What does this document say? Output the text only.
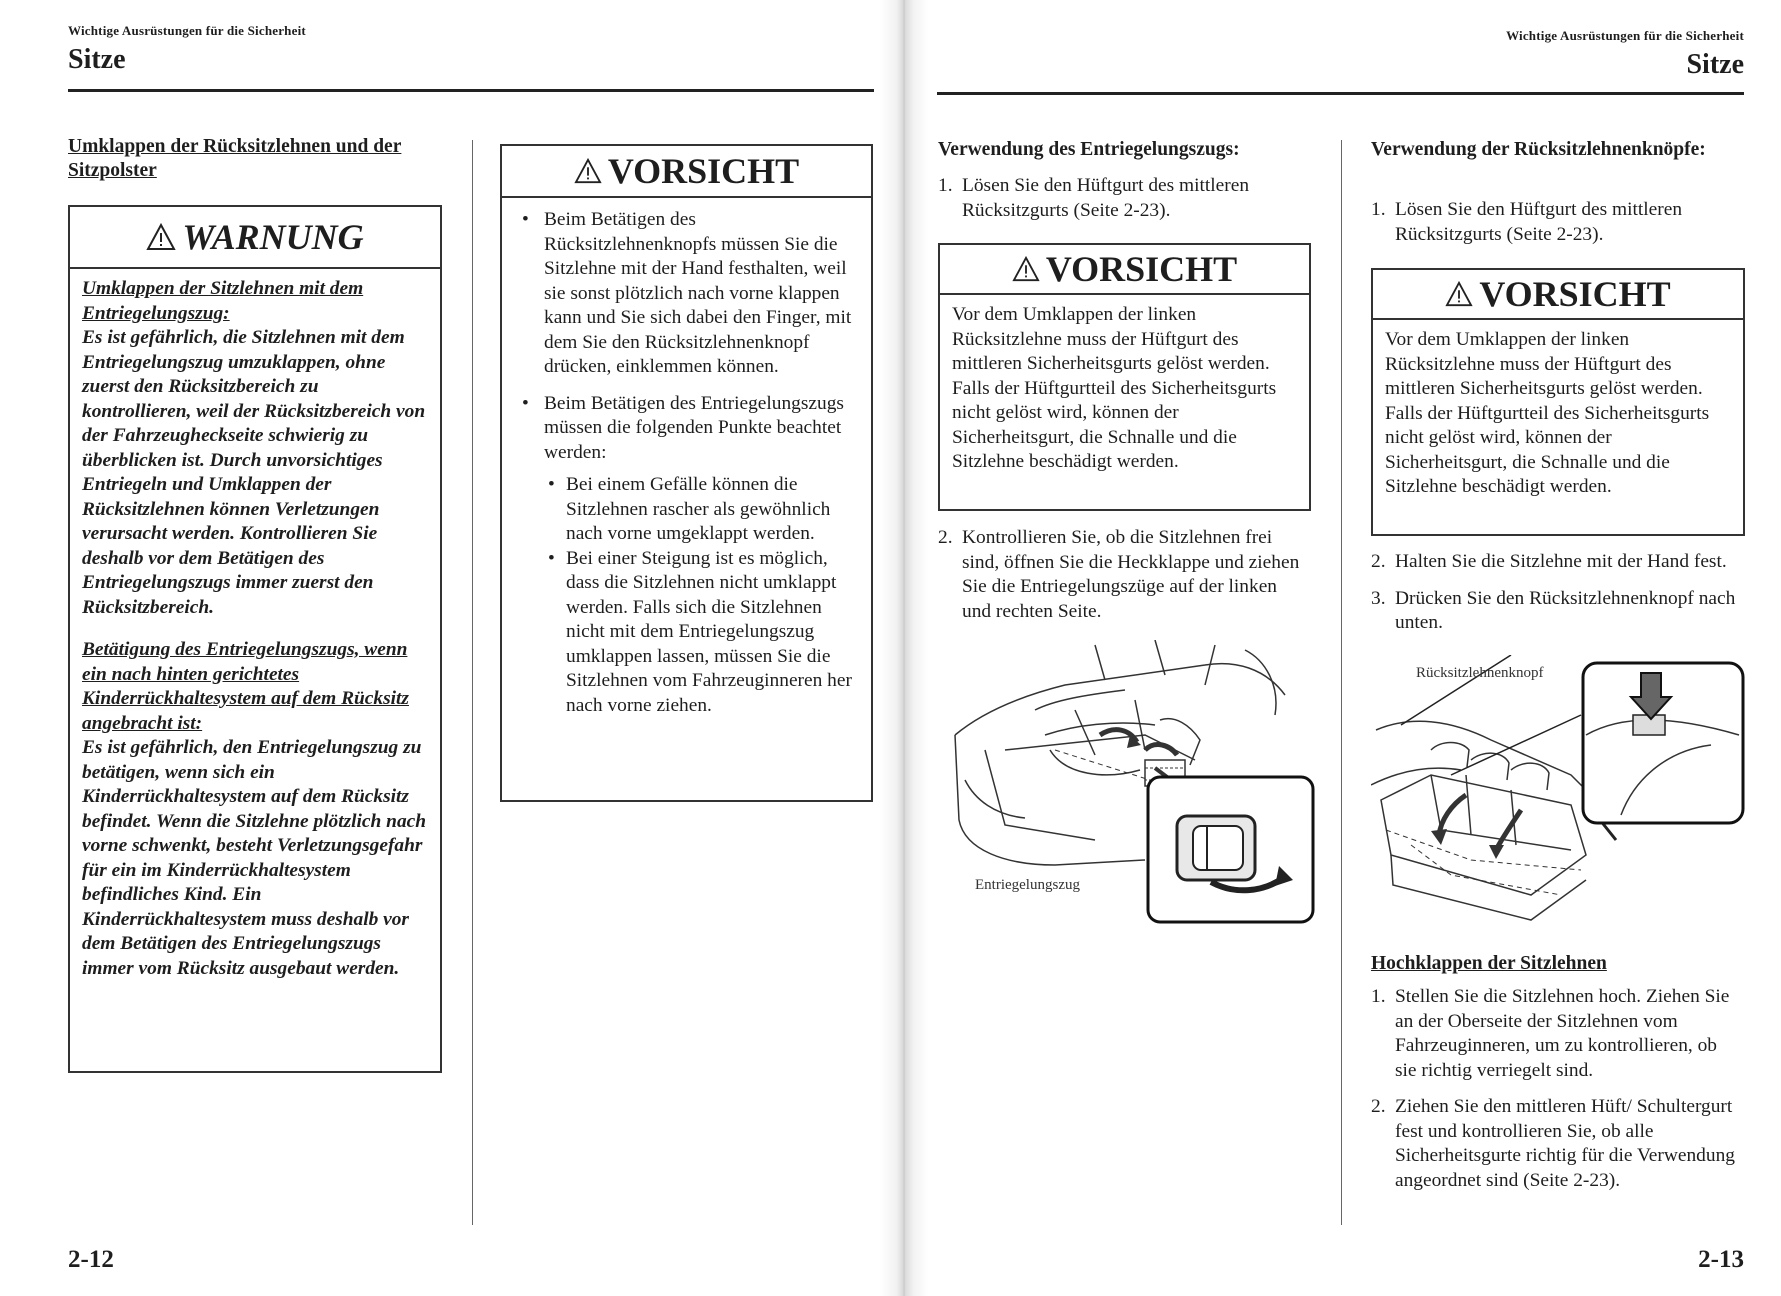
Wichtige Ausrüstungen für die Sicherheit
Sitze
2-12
Umklappen der Rücksitzlehnen und der Sitzpolster
WARNUNG

Umklappen der Sitzlehnen mit dem Entriegelungszug:
Es ist gefährlich, die Sitzlehnen mit dem Entriegelungszug umzuklappen, ohne zuerst den Rücksitzbereich zu kontrollieren, weil der Rücksitzbereich von der Fahrzeugheckseite schwierig zu überblicken ist. Durch unvorsichtiges Entriegeln und Umklappen der Rücksitzlehnen können Verletzungen verursacht werden. Kontrollieren Sie deshalb vor dem Betätigen des Entriegelungszugs immer zuerst den Rücksitzbereich.

Betätigung des Entriegelungszugs, wenn ein nach hinten gerichtetes Kinderrückhaltesystem auf dem Rücksitz angebracht ist:
Es ist gefährlich, den Entriegelungszug zu betätigen, wenn sich ein Kinderrückhaltesystem auf dem Rücksitz befindet. Wenn die Sitzlehne plötzlich nach vorne schwenkt, besteht Verletzungsgefahr für ein im Kinderrückhaltesystem befindliches Kind. Ein Kinderrückhaltesystem muss deshalb vor dem Betätigen des Entriegelungszugs immer vom Rücksitz ausgebaut werden.

VORSICHT
• Beim Betätigen des Rücksitzlehnenknopfs müssen Sie die Sitzlehne mit der Hand festhalten, weil sie sonst plötzlich nach vorne klappen kann und Sie sich dabei den Finger, mit dem Sie den Rücksitzlehnenknopf drücken, einklemmen können.
• Beim Betätigen des Entriegelungszugs müssen die folgenden Punkte beachtet werden:
• Bei einem Gefälle können die Sitzlehnen rascher als gewöhnlich nach vorne umgeklappt werden.
• Bei einer Steigung ist es möglich, dass die Sitzlehnen nicht umklappt werden. Falls sich die Sitzlehnen nicht mit dem Entriegelungszug umklappen lassen, müssen Sie die Sitzlehnen vom Fahrzeuginneren her nach vorne ziehen.
Wichtige Ausrüstungen für die Sicherheit
Sitze
2-13
Verwendung des Entriegelungszugs:
1. Lösen Sie den Hüftgurt des mittleren Rücksitzgurts (Seite 2-23).
VORSICHT
Vor dem Umklappen der linken Rücksitzlehne muss der Hüftgurt des mittleren Sicherheitsgurts gelöst werden. Falls der Hüftgurtteil des Sicherheitsgurts nicht gelöst wird, können der Sicherheitsgurt, die Schnalle und die Sitzlehne beschädigt werden.
2. Kontrollieren Sie, ob die Sitzlehnen frei sind, öffnen Sie die Heckklappe und ziehen Sie die Entriegelungszüge auf der linken und rechten Seite.
Entriegelungszug
Verwendung der Rücksitzlehnenknöpfe:
1. Lösen Sie den Hüftgurt des mittleren Rücksitzgurts (Seite 2-23).
VORSICHT
Vor dem Umklappen der linken Rücksitzlehne muss der Hüftgurt des mittleren Sicherheitsgurts gelöst werden. Falls der Hüftgurtteil des Sicherheitsgurts nicht gelöst wird, können der Sicherheitsgurt, die Schnalle und die Sitzlehne beschädigt werden.
2. Halten Sie die Sitzlehne mit der Hand fest.
3. Drücken Sie den Rücksitzlehnenknopf nach unten.
Rücksitzlehnenknopf
Hochklappen der Sitzlehnen
1. Stellen Sie die Sitzlehnen hoch. Ziehen Sie an der Oberseite der Sitzlehnen vom Fahrzeuginneren, um zu kontrollieren, ob sie richtig verriegelt sind.
2. Ziehen Sie den mittleren Hüft/ Schultergurt fest und kontrollieren Sie, ob alle Sicherheitsgurte richtig für die Verwendung angeordnet sind (Seite 2-23).
